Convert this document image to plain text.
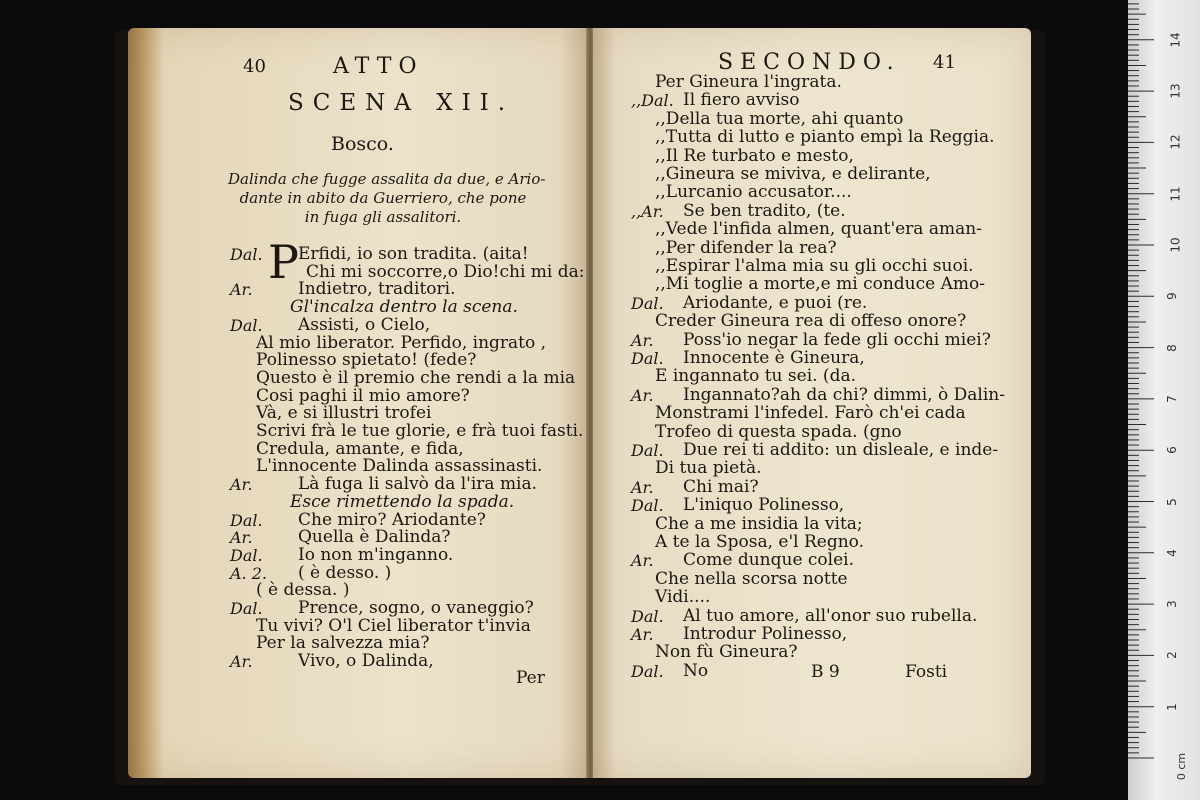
40	ATTO
SCENA XII.
Bosco.
Dalinda che fugge assalita da due, e Ario-
dante in abito da Guerriero, che pone
in fuga gli assalitori.
P
Dal. Erfidi, io son tradita. (aita!
Chi mi soccorre,o Dio!chi mi da:
Ar.	Indietro, traditori.
Gl'incalza dentro la scena.
Dal. Assisti, o Cielo,
Al mio liberator. Perfido, ingrato ,
Polinesso spietato! (fede?
Questo è il premio che rendi a la mia
Cosi paghi il mio amore?
Và, e si illustri trofei
Scrivi frà le tue glorie, e frà tuoi fasti.
Credula, amante, e fida,
L'innocente Dalinda assassinasti.
Ar.	Là fuga li salvò da l'ira mia.
Esce rimettendo la spada.
Dal. Che miro? Ariodante?
Ar.	Quella è Dalinda?
Dal. Io non m'inganno.
A. 2. ( è desso. )
( è dessa. )
Dal. Prence, sogno, o vaneggio?
Tu vivi? O'l Ciel liberator t'invia
Per la salvezza mia?
Ar.	Vivo, o Dalinda,
Per
SECONDO. 41
Per Gineura l'ingrata.
,,Dal. Il fiero avviso
,,Della tua morte, ahi quanto
,,Tutta di lutto e pianto empì la Reggia.
,,Il Re turbato e mesto,
,,Gineura se miviva, e delirante,
,,Lurcanio accusator....
,,Ar. Se ben tradito, (te.
,,Vede l'infida almen, quant'era aman-
,,Per difender la rea?
,,Espirar l'alma mia su gli occhi suoi.
,,Mi toglie a morte,e mi conduce Amo-
Dal. Ariodante, e puoi (re.
Creder Gineura rea di offeso onore?
Ar. Poss'io negar la fede gli occhi miei?
Dal. Innocente è Gineura,
E ingannato tu sei. (da.
Ar. Ingannato?ah da chi? dimmi, ò Dalin-
Monstrami l'infedel. Farò ch'ei cada
Trofeo di questa spada. (gno
Dal. Due rei ti addito: un disleale, e inde-
Di tua pietà.
Ar. Chi mai?
Dal. L'iniquo Polinesso,
Che a me insidia la vita;
A te la Sposa, e'l Regno.
Ar. Come dunque colei.
Che nella scorsa notte
Vidi....
Dal. Al tuo amore, all'onor suo rubella.
Ar. Introdur Polinesso,
Non fù Gineura?
Dal. No	B 9	Fosti
1
2
3
4
5
6
7
8
9
10
11
12
13
14
0 cm
